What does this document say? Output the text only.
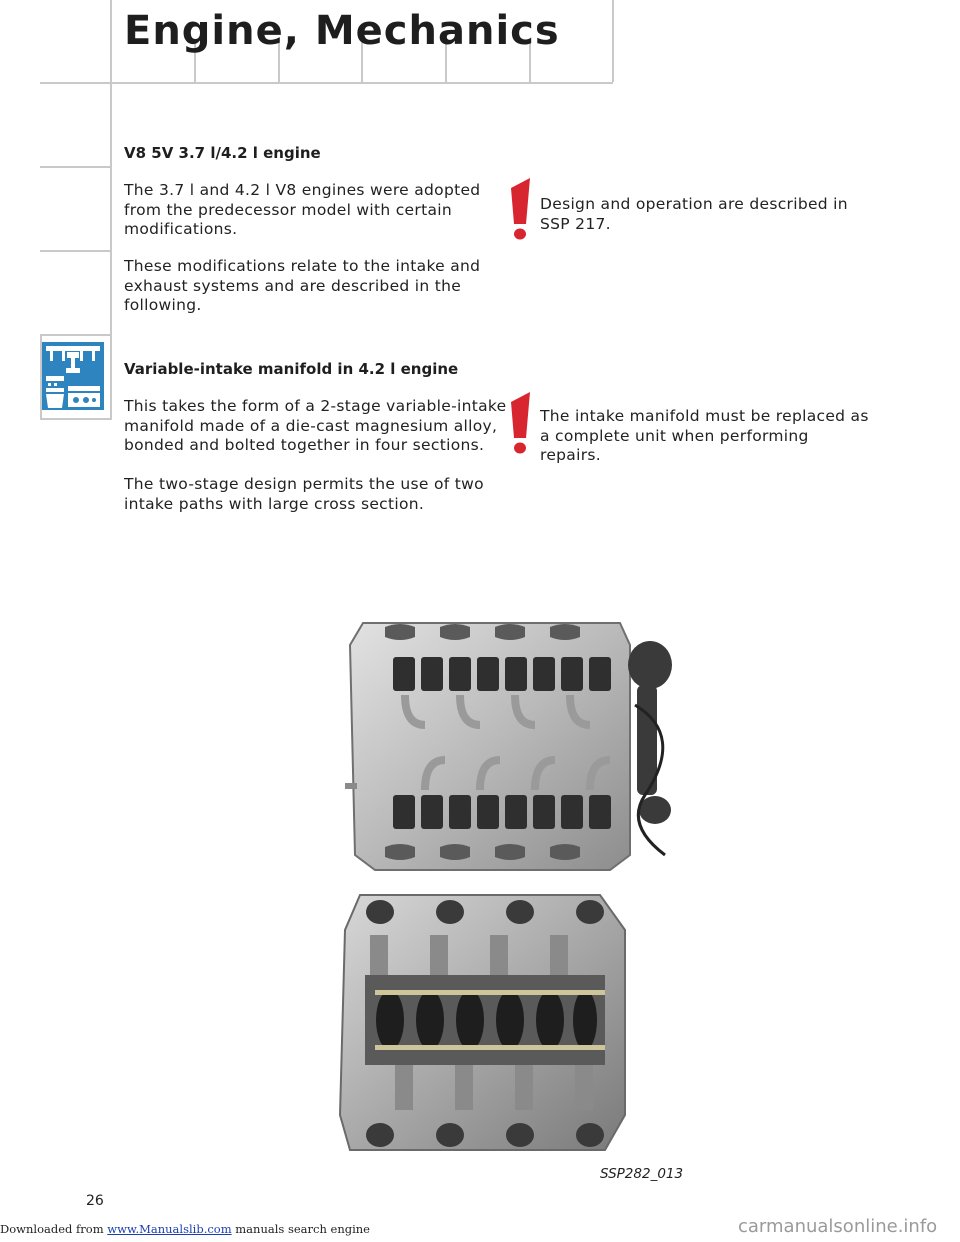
Engine, Mechanics
V8 5V 3.7 l/4.2 l engine
The 3.7 l and 4.2 l V8 engines were adopted
from the predecessor model with certain
modifications.
These modifications relate to the intake and
exhaust systems and are described in the
following.
Design and operation are described in
SSP 217.
Variable-intake manifold in 4.2 l engine
This takes the form of a 2-stage variable-intake
manifold made of a die-cast magnesium alloy,
bonded and bolted together in four sections.
The two-stage design permits the use of two
intake paths with large cross section.
The intake manifold must be replaced as
a complete unit when performing
repairs.
SSP282_013
26
Downloaded from www.Manualslib.com manuals search engine	carmanualsonline.info
